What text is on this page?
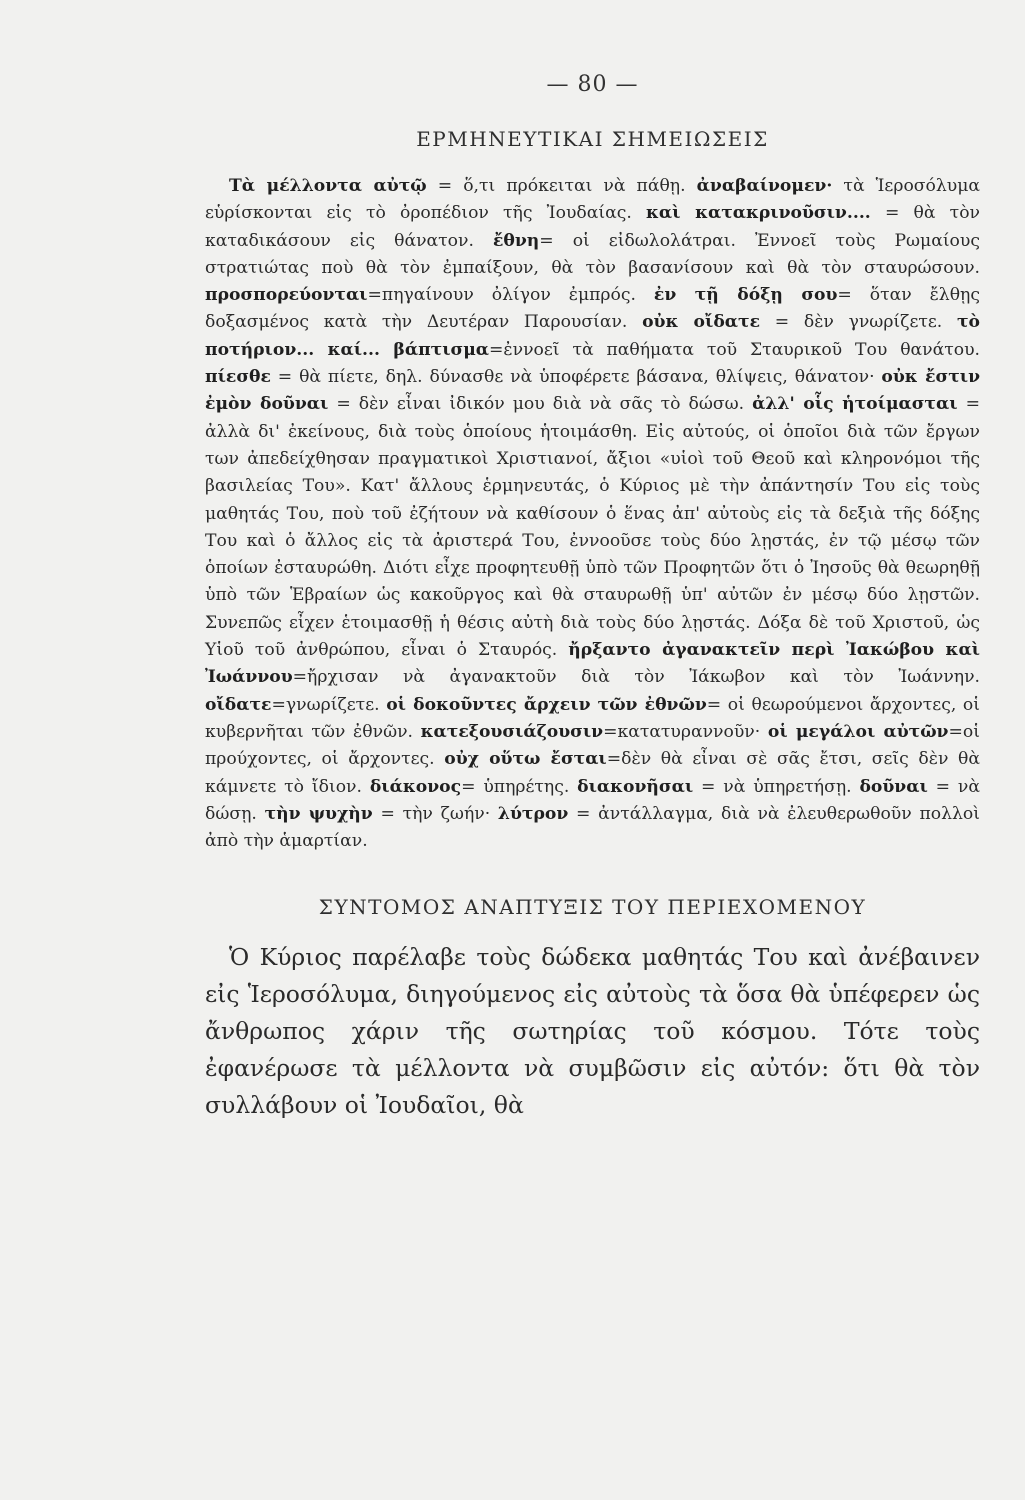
— 80 —
ΕΡΜΗΝΕΥΤΙΚΑΙ ΣΗΜΕΙΩΣΕΙΣ

Τὰ μέλλοντα αὐτῷ = ὅ,τι πρόκειται νὰ πάθῃ. ἀναβαίνομεν· τὰ Ἱεροσόλυμα εὑρίσκονται εἰς τὸ ὀροπέδιον τῆς Ἰουδαίας. καὶ κατακρινοῦσιν.... = θὰ τὸν καταδικάσουν εἰς θάνατον. ἔθνη= οἱ εἰδωλολάτραι. Ἐννοεῖ τοὺς Ρωμαίους στρατιώτας ποὺ θὰ τὸν ἐμπαίξουν, θὰ τὸν βασανίσουν καὶ θὰ τὸν σταυρώσουν. προσπορεύονται=πηγαίνουν ὀλίγον ἐμπρός. ἐν τῇ δόξῃ σου= ὅταν ἔλθῃς δοξασμένος κατὰ τὴν Δευτέραν Παρουσίαν. οὐκ οἴδατε = δὲν γνωρίζετε. τὸ ποτήριον... καί... βάπτισμα=ἐννοεῖ τὰ παθήματα τοῦ Σταυρικοῦ Του θανάτου. πίεσθε = θὰ πίετε, δηλ. δύνασθε νὰ ὑποφέρετε βάσανα, θλίψεις, θάνατον· οὐκ ἔστιν ἐμὸν δοῦναι = δὲν εἶναι ἰδικόν μου διὰ νὰ σᾶς τὸ δώσω. ἀλλ' οἷς ἡτοίμασται = ἀλλὰ δι' ἐκείνους, διὰ τοὺς ὁποίους ἡτοιμάσθη. Εἰς αὐτούς, οἱ ὁποῖοι διὰ τῶν ἔργων των ἀπεδείχθησαν πραγματικοὶ Χριστιανοί, ἄξιοι «υἱοὶ τοῦ Θεοῦ καὶ κληρονόμοι τῆς βασιλείας Του». Κατ' ἄλλους ἑρμηνευτάς, ὁ Κύριος μὲ τὴν ἀπάντησίν Του εἰς τοὺς μαθητάς Του, ποὺ τοῦ ἐζήτουν νὰ καθίσουν ὁ ἕνας ἀπ' αὐτοὺς εἰς τὰ δεξιὰ τῆς δόξης Του καὶ ὁ ἄλλος εἰς τὰ ἀριστερά Του, ἐννοοῦσε τοὺς δύο λῃστάς, ἐν τῷ μέσῳ τῶν ὁποίων ἐσταυρώθη. Διότι εἶχε προφητευθῇ ὑπὸ τῶν Προφητῶν ὅτι ὁ Ἰησοῦς θὰ θεωρηθῇ ὑπὸ τῶν Ἑβραίων ὡς κακοῦργος καὶ θὰ σταυρωθῇ ὑπ' αὐτῶν ἐν μέσῳ δύο λῃστῶν. Συνεπῶς εἶχεν ἑτοιμασθῇ ἡ θέσις αὐτὴ διὰ τοὺς δύο λῃστάς. Δόξα δὲ τοῦ Χριστοῦ, ὡς Υἱοῦ τοῦ ἀνθρώπου, εἶναι ὁ Σταυρός. ἤρξαντο ἀγανακτεῖν περὶ Ἰακώβου καὶ Ἰωάννου=ἤρχισαν νὰ ἀγανακτοῦν διὰ τὸν Ἰάκωβον καὶ τὸν Ἰωάννην. οἴδατε=γνωρίζετε. οἱ δοκοῦντες ἄρχειν τῶν ἐθνῶν= οἱ θεωρούμενοι ἄρχοντες, οἱ κυβερνῆται τῶν ἐθνῶν. κατεξουσιάζουσιν=κατατυραννοῦν· οἱ μεγάλοι αὐτῶν=οἱ προύχοντες, οἱ ἄρχοντες. οὐχ οὕτω ἔσται=δὲν θὰ εἶναι σὲ σᾶς ἔτσι, σεῖς δὲν θὰ κάμνετε τὸ ἴδιον. διάκονος= ὑπηρέτης. διακονῆσαι = νὰ ὑπηρετήσῃ. δοῦναι = νὰ δώσῃ. τὴν ψυχὴν = τὴν ζωήν· λύτρον = ἀντάλλαγμα, διὰ νὰ ἐλευθερωθοῦν πολλοὶ ἀπὸ τὴν ἁμαρτίαν.

ΣΥΝΤΟΜΟΣ ΑΝΑΠΤΥΞΙΣ ΤΟΥ ΠΕΡΙΕΧΟΜΕΝΟΥ

Ὁ Κύριος παρέλαβε τοὺς δώδεκα μαθητάς Του καὶ ἀνέβαινεν εἰς Ἱεροσόλυμα, διηγούμενος εἰς αὐτοὺς τὰ ὅσα θὰ ὑπέφερεν ὡς ἄνθρωπος χάριν τῆς σωτηρίας τοῦ κόσμου. Τότε τοὺς ἐφανέρωσε τὰ μέλλοντα νὰ συμβῶσιν εἰς αὐτόν: ὅτι θὰ τὸν συλλάβουν οἱ Ἰουδαῖοι, θὰ
